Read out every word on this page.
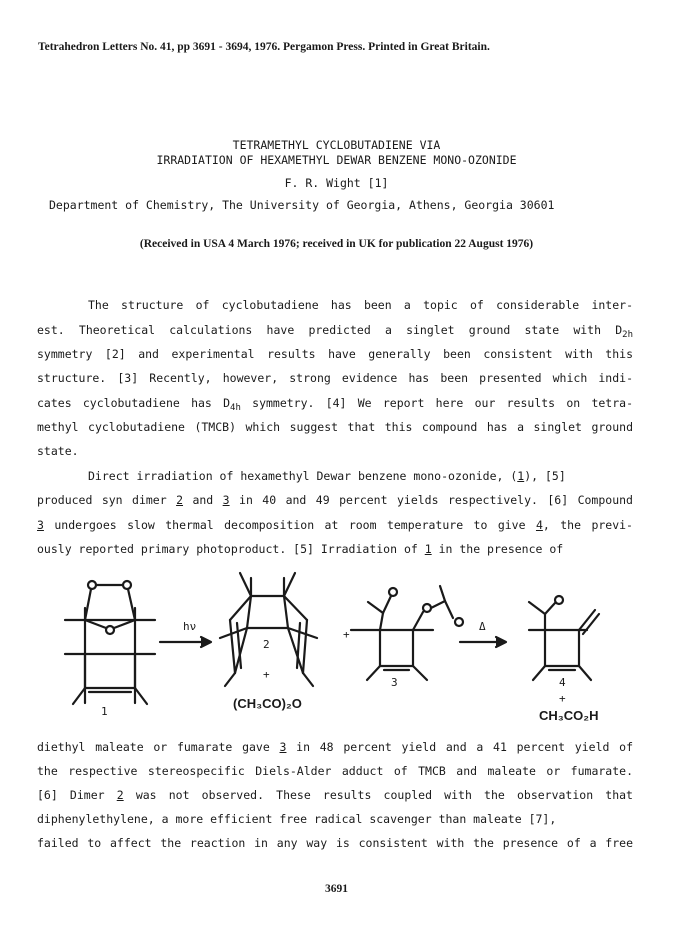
Tetrahedron Letters No. 41, pp 3691 - 3694, 1976. Pergamon Press. Printed in Great Britain.
TETRAMETHYL CYCLOBUTADIENE VIA
IRRADIATION OF HEXAMETHYL DEWAR BENZENE MONO-OZONIDE
F. R. Wight [1]
Department of Chemistry, The University of Georgia, Athens, Georgia 30601
(Received in USA 4 March 1976; received in UK for publication 22 August 1976)
The structure of cyclobutadiene has been a topic of considerable inter-
est. Theoretical calculations have predicted a singlet ground state with $D_{2h}$
symmetry [2] and experimental results have generally been consistent with this
structure. [3] Recently, however, strong evidence has been presented which indi-
cates cyclobutadiene has $D_{4h}$ symmetry. [4] We report here our results on tetra-
methyl cyclobutadiene (TMCB) which suggest that this compound has a singlet ground
state.
Direct irradiation of hexamethyl Dewar benzene mono-ozonide, (1), [5]
produced syn dimer 2 and 3 in 40 and 49 percent yields respectively. [6] Compound
3 undergoes slow thermal decomposition at room temperature to give 4, the previ-
ously reported primary photoproduct. [5] Irradiation of 1 in the presence of
hν	Δ
+
2
+
3	4
+
1
(CH₃CO)₂O
CH₃CO₂H
diethyl maleate or fumarate gave 3 in 48 percent yield and a 41 percent yield of
the respective stereospecific Diels-Alder adduct of TMCB and maleate or fumarate.
[6] Dimer 2 was not observed. These results coupled with the observation that
diphenylethylene, a more efficient free radical scavenger than maleate [7],
failed to affect the reaction in any way is consistent with the presence of a free
3691
